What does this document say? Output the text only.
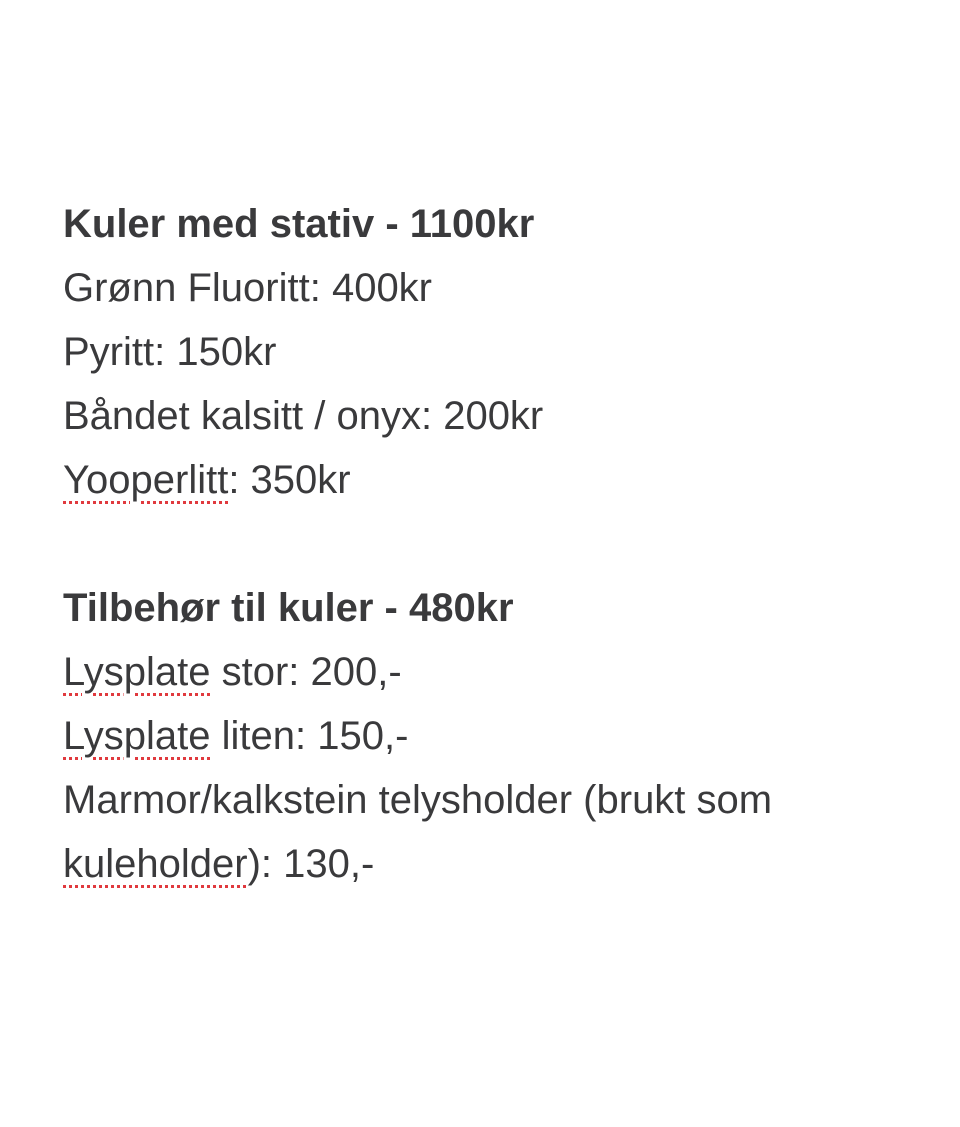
Kuler med stativ - 1100kr
Grønn Fluoritt: 400kr
Pyritt: 150kr
Båndet kalsitt / onyx: 200kr
Yooperlitt: 350kr
Tilbehør til kuler - 480kr
Lysplate stor: 200,-
Lysplate liten: 150,-
Marmor/kalkstein telysholder (brukt som
kuleholder): 130,-
